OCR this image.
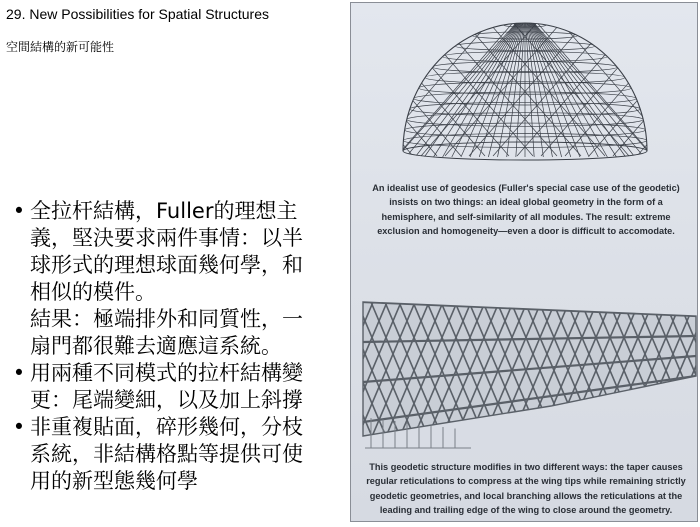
29. New Possibilities for Spatial Structures
空間結構的新可能性
• 全拉杆結構，Fuller的理想主
義，堅決要求兩件事情：以半
球形式的理想球面幾何學，和
相似的模件。
結果：極端排外和同質性，一
扇門都很難去適應這系統。
• 用兩種不同模式的拉杆結構變
更：尾端變細，以及加上斜撐
• 非重複貼面，碎形幾何，分枝
系統，非結構格點等提供可使
用的新型態幾何學
An idealist use of geodesics (Fuller's special case use of the geodetic) insists on two things: an ideal global geometry in the form of a hemisphere, and self-similarity of all modules. The result: extreme exclusion and homogeneity—even a door is difficult to accomodate.
This geodetic structure modifies in two different ways: the taper causes regular reticulations to compress at the wing tips while remaining strictly geodetic geometries, and local branching allows the reticulations at the leading and trailing edge of the wing to close around the geometry.
